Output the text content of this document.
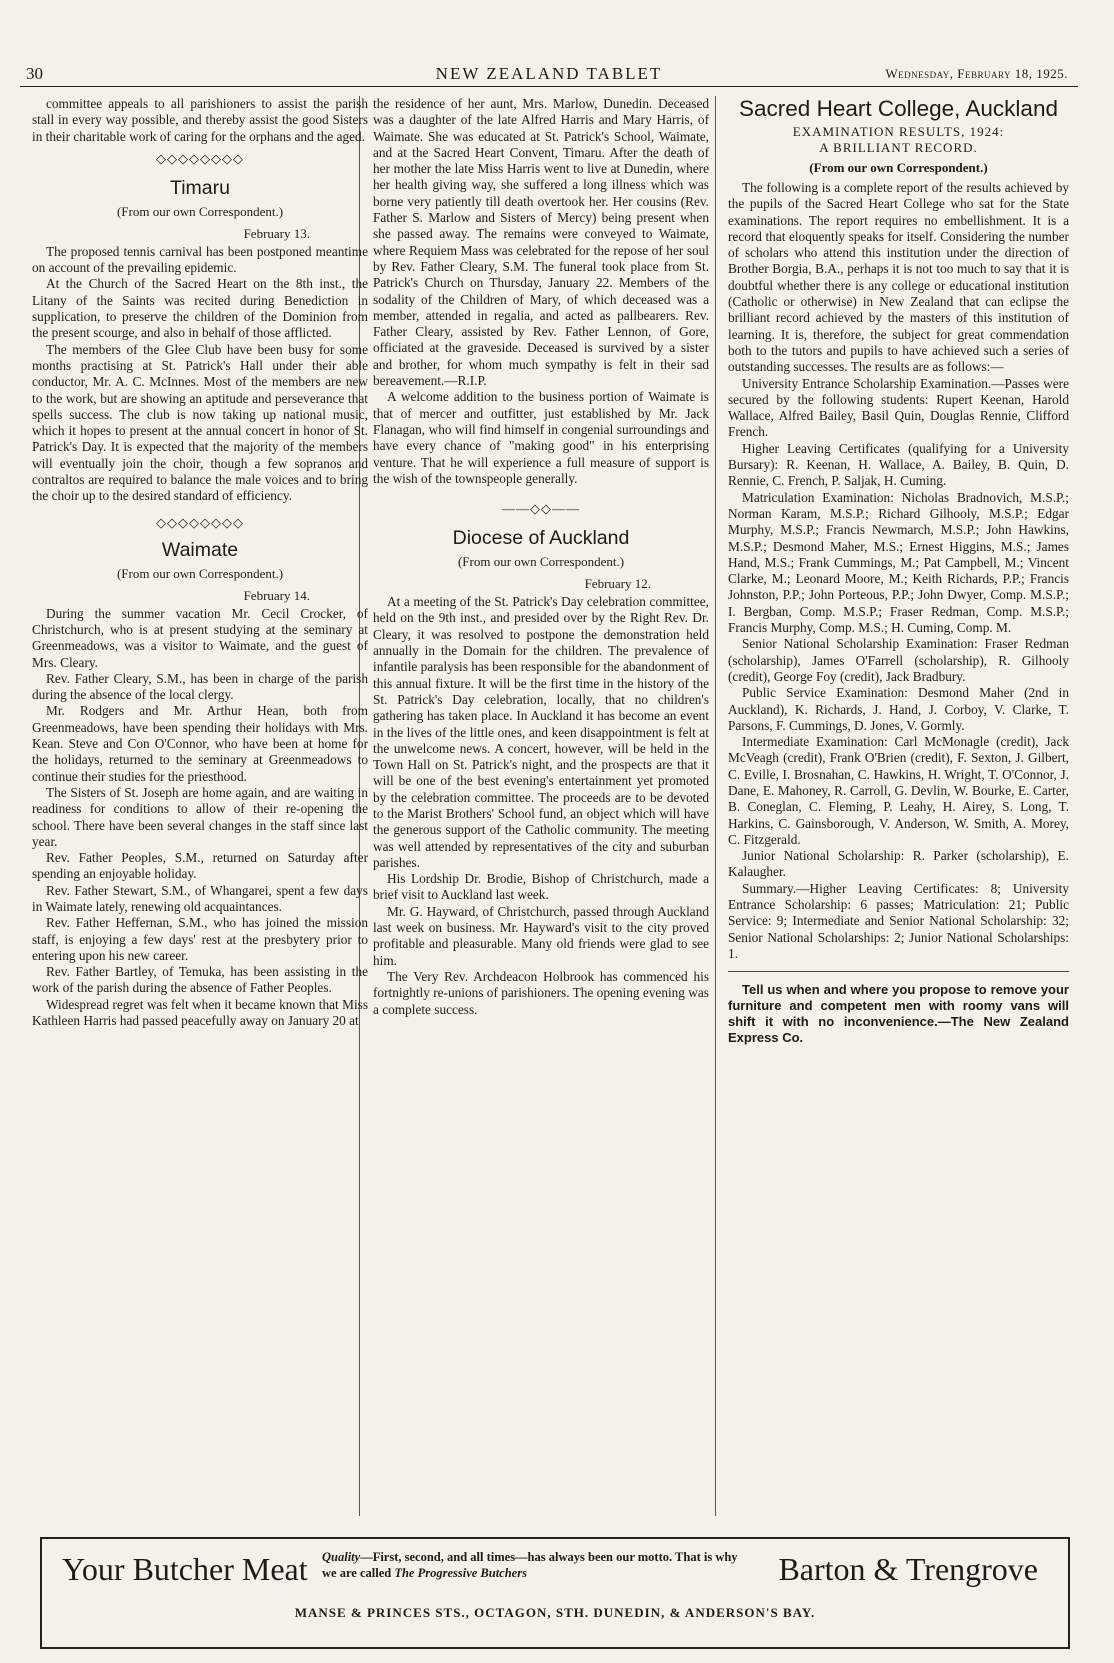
30	NEW ZEALAND TABLET	Wednesday, February 18, 1925.

committee appeals to all parishioners to assist the parish stall in every way possible, and thereby assist the good Sisters in their charitable work of caring for the orphans and the aged.

◇◇◇◇◇◇◇◇
Timaru
(From our own Correspondent.)
February 13.

The proposed tennis carnival has been postponed meantime on account of the prevailing epidemic.

At the Church of the Sacred Heart on the 8th inst., the Litany of the Saints was recited during Benediction in supplication, to preserve the children of the Dominion from the present scourge, and also in behalf of those afflicted.

The members of the Glee Club have been busy for some months practising at St. Patrick's Hall under their able conductor, Mr. A. C. McInnes. Most of the members are new to the work, but are showing an aptitude and perseverance that spells success. The club is now taking up national music, which it hopes to present at the annual concert in honor of St. Patrick's Day. It is expected that the majority of the members will eventually join the choir, though a few sopranos and contraltos are required to balance the male voices and to bring the choir up to the desired standard of efficiency.

◇◇◇◇◇◇◇◇
Waimate
(From our own Correspondent.)
February 14.

During the summer vacation Mr. Cecil Crocker, of Christchurch, who is at present studying at the seminary at Greenmeadows, was a visitor to Waimate, and the guest of Mrs. Cleary.

Rev. Father Cleary, S.M., has been in charge of the parish during the absence of the local clergy.

Mr. Rodgers and Mr. Arthur Hean, both from Greenmeadows, have been spending their holidays with Mrs. Kean. Steve and Con O'Connor, who have been at home for the holidays, returned to the seminary at Greenmeadows to continue their studies for the priesthood.

The Sisters of St. Joseph are home again, and are waiting in readiness for conditions to allow of their re-opening the school. There have been several changes in the staff since last year.

Rev. Father Peoples, S.M., returned on Saturday after spending an enjoyable holiday.

Rev. Father Stewart, S.M., of Whangarei, spent a few days in Waimate lately, renewing old acquaintances.

Rev. Father Heffernan, S.M., who has joined the mission staff, is enjoying a few days' rest at the presbytery prior to entering upon his new career.

Rev. Father Bartley, of Temuka, has been assisting in the work of the parish during the absence of Father Peoples.

Widespread regret was felt when it became known that Miss Kathleen Harris had passed peacefully away on January 20 at

the residence of her aunt, Mrs. Marlow, Dunedin. Deceased was a daughter of the late Alfred Harris and Mary Harris, of Waimate. She was educated at St. Patrick's School, Waimate, and at the Sacred Heart Convent, Timaru. After the death of her mother the late Miss Harris went to live at Dunedin, where her health giving way, she suffered a long illness which was borne very patiently till death overtook her. Her cousins (Rev. Father S. Marlow and Sisters of Mercy) being present when she passed away. The remains were conveyed to Waimate, where Requiem Mass was celebrated for the repose of her soul by Rev. Father Cleary, S.M. The funeral took place from St. Patrick's Church on Thursday, January 22. Members of the sodality of the Children of Mary, of which deceased was a member, attended in regalia, and acted as pallbearers. Rev. Father Cleary, assisted by Rev. Father Lennon, of Gore, officiated at the graveside. Deceased is survived by a sister and brother, for whom much sympathy is felt in their sad bereavement.—R.I.P.

A welcome addition to the business portion of Waimate is that of mercer and outfitter, just established by Mr. Jack Flanagan, who will find himself in congenial surroundings and have every chance of "making good" in his enterprising venture. That he will experience a full measure of support is the wish of the townspeople generally.

——◇◇——
Diocese of Auckland
(From our own Correspondent.)
February 12.

At a meeting of the St. Patrick's Day celebration committee, held on the 9th inst., and presided over by the Right Rev. Dr. Cleary, it was resolved to postpone the demonstration held annually in the Domain for the children. The prevalence of infantile paralysis has been responsible for the abandonment of this annual fixture. It will be the first time in the history of the St. Patrick's Day celebration, locally, that no children's gathering has taken place. In Auckland it has become an event in the lives of the little ones, and keen disappointment is felt at the unwelcome news. A concert, however, will be held in the Town Hall on St. Patrick's night, and the prospects are that it will be one of the best evening's entertainment yet promoted by the celebration committee. The proceeds are to be devoted to the Marist Brothers' School fund, an object which will have the generous support of the Catholic community. The meeting was well attended by representatives of the city and suburban parishes.

His Lordship Dr. Brodie, Bishop of Christchurch, made a brief visit to Auckland last week.

Mr. G. Hayward, of Christchurch, passed through Auckland last week on business. Mr. Hayward's visit to the city proved profitable and pleasurable. Many old friends were glad to see him.

The Very Rev. Archdeacon Holbrook has commenced his fortnightly re-unions of parishioners. The opening evening was a complete success.

Sacred Heart College, Auckland
EXAMINATION RESULTS, 1924:
A BRILLIANT RECORD.
(From our own Correspondent.)

The following is a complete report of the results achieved by the pupils of the Sacred Heart College who sat for the State examinations. The report requires no embellishment. It is a record that eloquently speaks for itself. Considering the number of scholars who attend this institution under the direction of Brother Borgia, B.A., perhaps it is not too much to say that it is doubtful whether there is any college or educational institution (Catholic or otherwise) in New Zealand that can eclipse the brilliant record achieved by the masters of this institution of learning. It is, therefore, the subject for great commendation both to the tutors and pupils to have achieved such a series of outstanding successes. The results are as follows:—

University Entrance Scholarship Examination.—Passes were secured by the following students: Rupert Keenan, Harold Wallace, Alfred Bailey, Basil Quin, Douglas Rennie, Clifford French.

Higher Leaving Certificates (qualifying for a University Bursary): R. Keenan, H. Wallace, A. Bailey, B. Quin, D. Rennie, C. French, P. Saljak, H. Cuming.

Matriculation Examination: Nicholas Bradnovich, M.S.P.; Norman Karam, M.S.P.; Richard Gilhooly, M.S.P.; Edgar Murphy, M.S.P.; Francis Newmarch, M.S.P.; John Hawkins, M.S.P.; Desmond Maher, M.S.; Ernest Higgins, M.S.; James Hand, M.S.; Frank Cummings, M.; Pat Campbell, M.; Vincent Clarke, M.; Leonard Moore, M.; Keith Richards, P.P.; Francis Johnston, P.P.; John Porteous, P.P.; John Dwyer, Comp. M.S.P.; I. Bergban, Comp. M.S.P.; Fraser Redman, Comp. M.S.P.; Francis Murphy, Comp. M.S.; H. Cuming, Comp. M.

Senior National Scholarship Examination: Fraser Redman (scholarship), James O'Farrell (scholarship), R. Gilhooly (credit), George Foy (credit), Jack Bradbury.

Public Service Examination: Desmond Maher (2nd in Auckland), K. Richards, J. Hand, J. Corboy, V. Clarke, T. Parsons, F. Cummings, D. Jones, V. Gormly.

Intermediate Examination: Carl McMonagle (credit), Jack McVeagh (credit), Frank O'Brien (credit), F. Sexton, J. Gilbert, C. Eville, I. Brosnahan, C. Hawkins, H. Wright, T. O'Connor, J. Dane, E. Mahoney, R. Carroll, G. Devlin, W. Bourke, E. Carter, B. Coneglan, C. Fleming, P. Leahy, H. Airey, S. Long, T. Harkins, C. Gainsborough, V. Anderson, W. Smith, A. Morey, C. Fitzgerald.

Junior National Scholarship: R. Parker (scholarship), E. Kalaugher.

Summary.—Higher Leaving Certificates: 8; University Entrance Scholarship: 6 passes; Matriculation: 21; Public Service: 9; Intermediate and Senior National Scholarship: 32; Senior National Scholarships: 2; Junior National Scholarships: 1.

Tell us when and where you propose to remove your furniture and competent men with roomy vans will shift it with no inconvenience.—The New Zealand Express Co.

Your Butcher Meat Quality—First, second, and all times—has always been our motto. That is why we are called The Progressive Butchers	Barton & Trengrove
MANSE & PRINCES STS., OCTAGON, STH. DUNEDIN, & ANDERSON'S BAY.
